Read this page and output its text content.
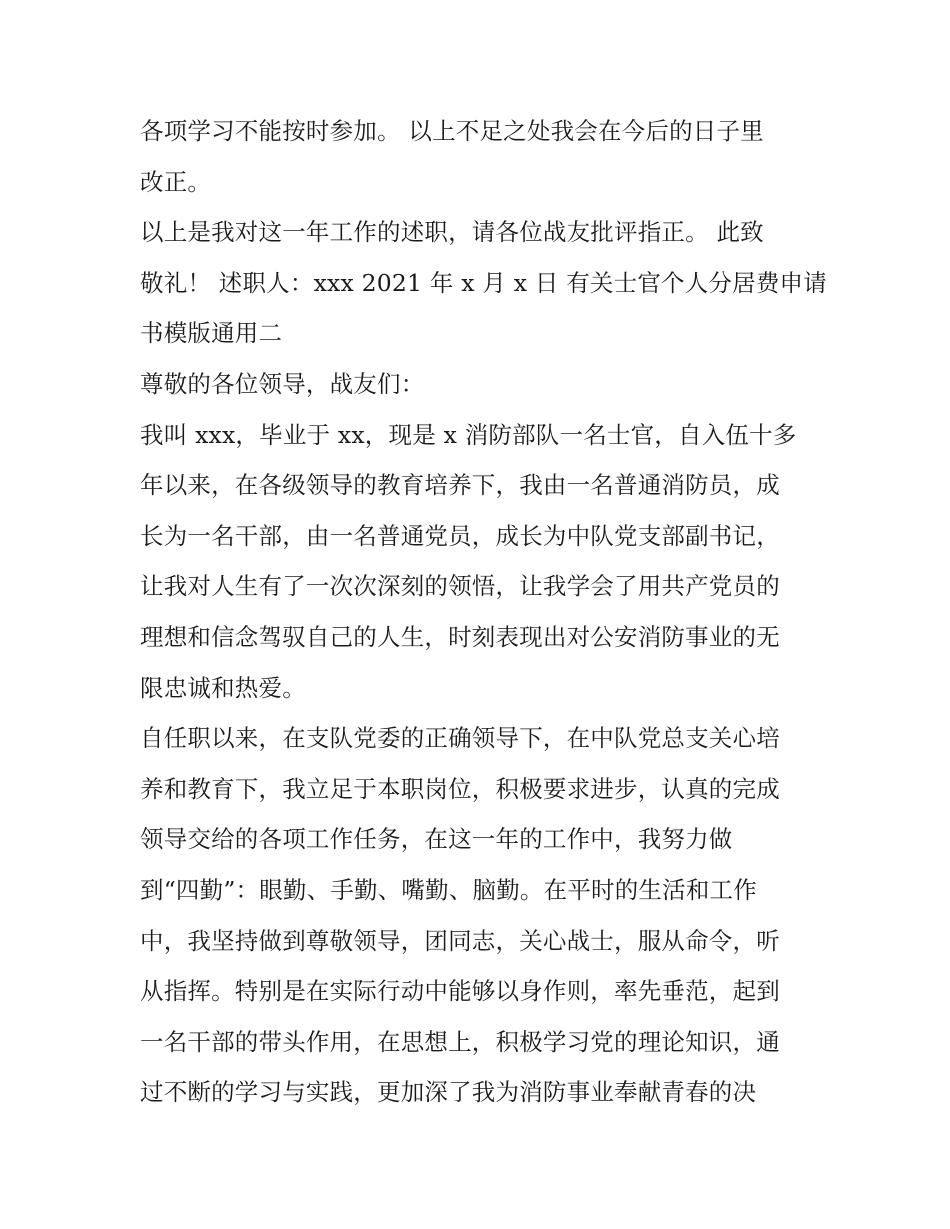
各项学习不能按时参加。 以上不足之处我会在今后的日子里
改正。
以上是我对这一年工作的述职，请各位战友批评指正。 此致
敬礼！ 述职人：xxx 2021 年 x 月 x 日 有关士官个人分居费申请
书模版通用二
尊敬的各位领导，战友们：
我叫 xxx，毕业于 xx，现是 x 消防部队一名士官，自入伍十多
年以来，在各级领导的教育培养下，我由一名普通消防员，成
长为一名干部，由一名普通党员，成长为中队党支部副书记，
让我对人生有了一次次深刻的领悟，让我学会了用共产党员的
理想和信念驾驭自己的人生，时刻表现出对公安消防事业的无
限忠诚和热爱。
自任职以来，在支队党委的正确领导下，在中队党总支关心培
养和教育下，我立足于本职岗位，积极要求进步，认真的完成
领导交给的各项工作任务，在这一年的工作中，我努力做
到“四勤”：眼勤、手勤、嘴勤、脑勤。在平时的生活和工作
中，我坚持做到尊敬领导，团同志，关心战士，服从命令，听
从指挥。特别是在实际行动中能够以身作则，率先垂范，起到
一名干部的带头作用，在思想上，积极学习党的理论知识，通
过不断的学习与实践，更加深了我为消防事业奉献青春的决
